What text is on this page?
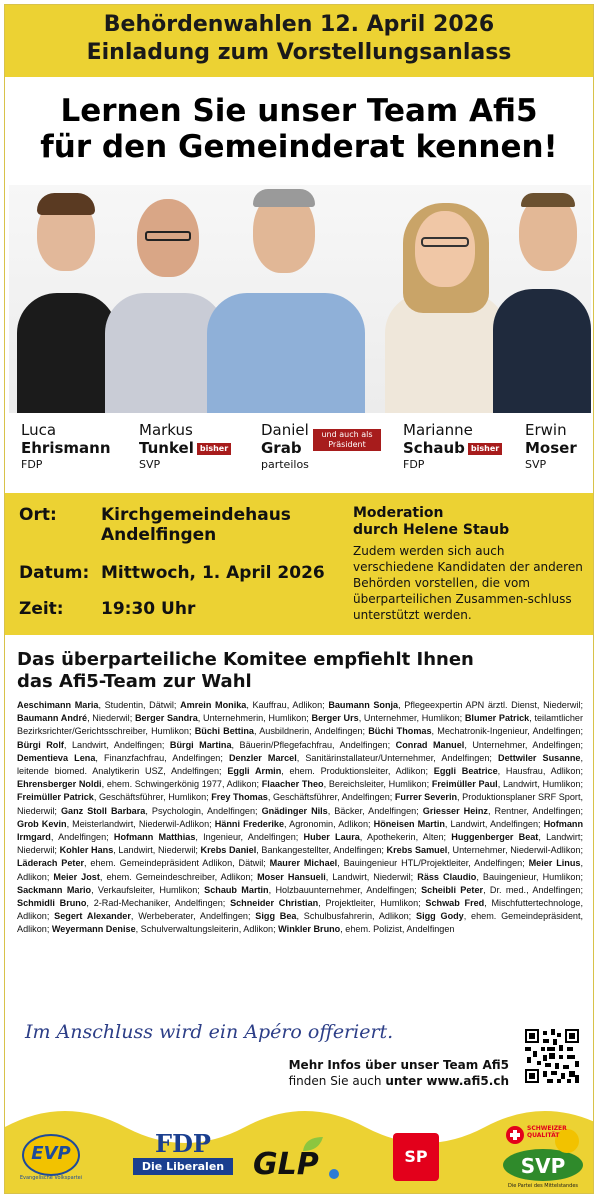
Behördenwahlen 12. April 2026
Einladung zum Vorstellungsanlass
Lernen Sie unser Team Afi5
für den Gemeinderat kennen!
Luca
Ehrismann
FDP
Markus
Tunkel bisher
SVP
Daniel
Grab
parteilos
und auch als Präsident
Marianne
Schaub bisher
FDP
Erwin
Moser
SVP
Ort:	Kirchgemeindehaus
Andelfingen
Datum: Mittwoch, 1. April 2026
Zeit: 19:30 Uhr
Moderation
durch Helene Staub
Zudem werden sich auch verschiedene Kandidaten der anderen Behörden vorstellen, die vom überparteilichen Zusammen-schluss unterstützt werden.
Das überparteiliche Komitee empfiehlt Ihnen
das Afi5-Team zur Wahl
Aeschimann Maria, Studentin, Dätwil; Amrein Monika, Kauffrau, Adlikon; Baumann Sonja, Pflegeexpertin APN ärztl. Dienst, Niederwil; Baumann André, Niederwil; Berger Sandra, Unternehmerin, Humlikon; Berger Urs, Unternehmer, Humlikon; Blumer Patrick, teilamtlicher Bezirksrichter/Gerichtsschreiber, Humlikon; Büchi Bettina, Ausbildnerin, Andelfingen; Büchi Thomas, Mechatronik-Ingenieur, Andelfingen; Bürgi Rolf, Landwirt, Andelfingen; Bürgi Martina, Bäuerin/Pflegefachfrau, Andelfingen; Conrad Manuel, Unternehmer, Andelfingen; Dementieva Lena, Finanzfachfrau, Andelfingen; Denzler Marcel, Sanitärinstallateur/Unternehmer, Andelfingen; Dettwiler Susanne, leitende biomed. Analytikerin USZ, Andelfingen; Eggli Armin, ehem. Produktionsleiter, Adlikon; Eggli Beatrice, Hausfrau, Adlikon; Ehrensberger Noldi, ehem. Schwingerkönig 1977, Adlikon; Flaacher Theo, Bereichsleiter, Humlikon; Freimüller Paul, Landwirt, Humlikon; Freimüller Patrick, Geschäftsführer, Humlikon; Frey Thomas, Geschäftsführer, Andelfingen; Furrer Severin, Produktionsplaner SRF Sport, Niederwil; Ganz Stoll Barbara, Psychologin, Andelfingen; Gnädinger Nils, Bäcker, Andelfingen; Griesser Heinz, Rentner, Andelfingen; Grob Kevin, Meisterlandwirt, Niederwil-Adlikon; Hänni Frederike, Agronomin, Adlikon; Höneisen Martin, Landwirt, Andelfingen; Hofmann Irmgard, Andelfingen; Hofmann Matthias, Ingenieur, Andelfingen; Huber Laura, Apothekerin, Alten; Huggenberger Beat, Landwirt; Niederwil; Kohler Hans, Landwirt, Niederwil; Krebs Daniel, Bankangestellter, Andelfingen; Krebs Samuel, Unternehmer, Niederwil-Adlikon; Läderach Peter, ehem. Gemeindepräsident Adlikon, Dätwil; Maurer Michael, Bauingenieur HTL/Projektleiter, Andelfingen; Meier Linus, Adlikon; Meier Jost, ehem. Gemeindeschreiber, Adlikon; Moser Hansueli, Landwirt, Niederwil; Räss Claudio, Bauingenieur, Humlikon; Sackmann Mario, Verkaufsleiter, Humlikon; Schaub Martin, Holzbauunternehmer, Andelfingen; Scheibli Peter, Dr. med., Andelfingen; Schmidli Bruno, 2-Rad-Mechaniker, Andelfingen; Schneider Christian, Projektleiter, Humlikon; Schwab Fred, Mischfuttertechnologe, Adlikon; Segert Alexander, Werbeberater, Andelfingen; Sigg Bea, Schulbusfahrerin, Adlikon; Sigg Gody, ehem. Gemeindepräsident, Adlikon; Weyermann Denise, Schulverwaltungsleiterin, Adlikon; Winkler Bruno, ehem. Polizist, Andelfingen
Im Anschluss wird ein Apéro offeriert.
Mehr Infos über unser Team Afi5
finden Sie auch unter www.afi5.ch
EVP
Evangelische Volkspartei
FDP
Die Liberalen GLP	SP
SCHWEIZER QUALITÄT
SVP
Die Partei des Mittelstandes
